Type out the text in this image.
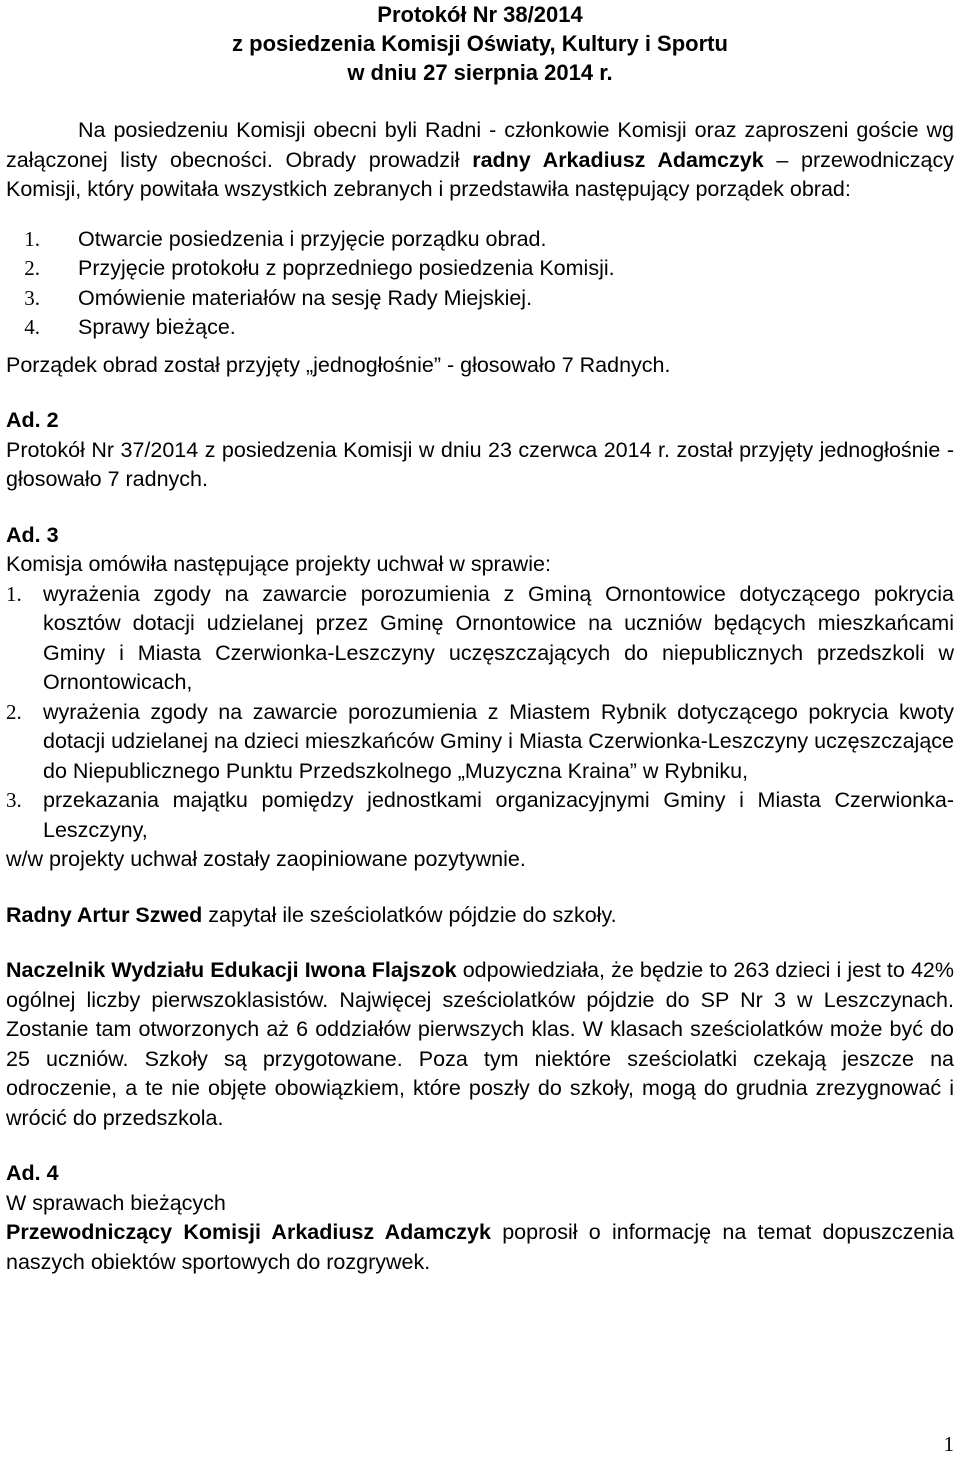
Protokół Nr 38/2014
z posiedzenia Komisji Oświaty, Kultury i Sportu
w dniu 27 sierpnia 2014 r.

Na posiedzeniu Komisji obecni byli Radni - członkowie Komisji oraz zaproszeni goście wg załączonej listy obecności. Obrady prowadził radny Arkadiusz Adamczyk – przewodniczący Komisji, który powitała wszystkich zebranych i przedstawiła następujący porządek obrad:

1. Otwarcie posiedzenia i przyjęcie porządku obrad.
2. Przyjęcie protokołu z poprzedniego posiedzenia Komisji.
3. Omówienie materiałów na sesję Rady Miejskiej.
4. Sprawy bieżące.

Porządek obrad został przyjęty „jednogłośnie” - głosowało 7 Radnych.

Ad. 2

Protokół Nr 37/2014 z posiedzenia Komisji w dniu 23 czerwca 2014 r. został przyjęty jednogłośnie - głosowało 7 radnych.

Ad. 3

Komisja omówiła następujące projekty uchwał w sprawie:

1. wyrażenia zgody na zawarcie porozumienia z Gminą Ornontowice dotyczącego pokrycia kosztów dotacji udzielanej przez Gminę Ornontowice na uczniów będących mieszkańcami Gminy i Miasta Czerwionka-Leszczyny uczęszczających do niepublicznych przedszkoli w Ornontowicach,
2. wyrażenia zgody na zawarcie porozumienia z Miastem Rybnik dotyczącego pokrycia kwoty dotacji udzielanej na dzieci mieszkańców Gminy i Miasta Czerwionka-Leszczyny uczęszczające do Niepublicznego Punktu Przedszkolnego „Muzyczna Kraina” w Rybniku,
3. przekazania majątku pomiędzy jednostkami organizacyjnymi Gminy i Miasta Czerwionka-Leszczyny,

w/w projekty uchwał zostały zaopiniowane pozytywnie.

Radny Artur Szwed zapytał ile sześciolatków pójdzie do szkoły.

Naczelnik Wydziału Edukacji Iwona Flajszok odpowiedziała, że będzie to 263 dzieci i jest to 42% ogólnej liczby pierwszoklasistów. Najwięcej sześciolatków pójdzie do SP Nr 3 w Leszczynach. Zostanie tam otworzonych aż 6 oddziałów pierwszych klas. W klasach sześciolatków może być do 25 uczniów. Szkoły są przygotowane. Poza tym niektóre sześciolatki czekają jeszcze na odroczenie, a te nie objęte obowiązkiem, które poszły do szkoły, mogą do grudnia zrezygnować i wrócić do przedszkola.

Ad. 4

W sprawach bieżących

Przewodniczący Komisji Arkadiusz Adamczyk poprosił o informację na temat dopuszczenia naszych obiektów sportowych do rozgrywek.

1
